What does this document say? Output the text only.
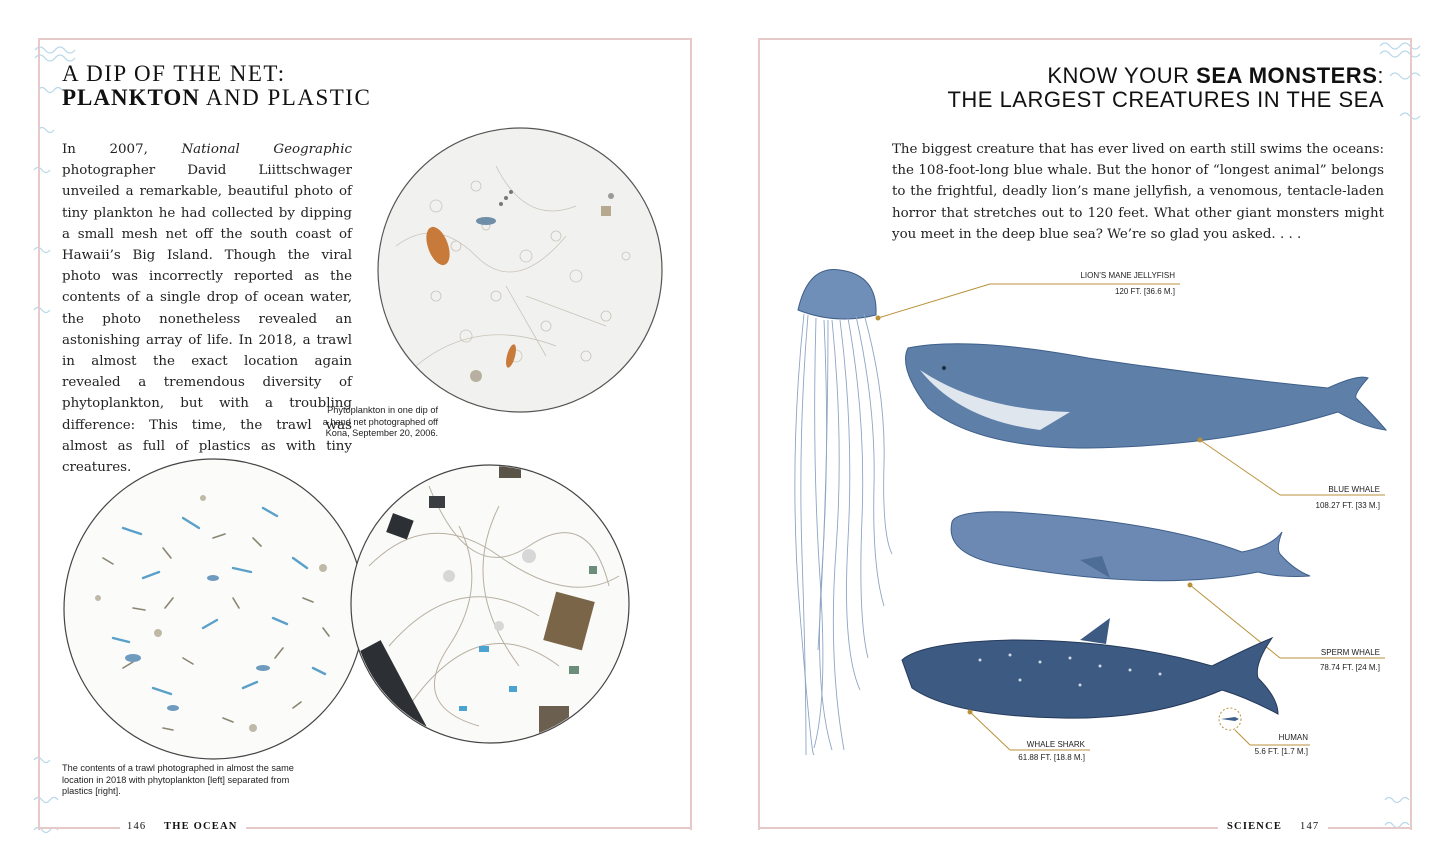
A DIP OF THE NET:
PLANKTON AND PLASTIC
In 2007, National Geographic photographer David Liittschwager unveiled a remarkable, beautiful photo of tiny plankton he had collected by dipping a small mesh net off the south coast of Hawaii’s Big Island. Though the viral photo was incorrectly reported as the contents of a single drop of ocean water, the photo nonetheless revealed an astonishing array of life. In 2018, a trawl in almost the exact location again revealed a tremendous diversity of phytoplankton, but with a troubling difference: This time, the trawl was almost as full of plastics as with tiny creatures.
Phytoplankton in one dip of a hand net photographed off Kona, September 20, 2006.
The contents of a trawl photographed in almost the same location in 2018 with phytoplankton [left] separated from plastics [right].
146 THE OCEAN
KNOW YOUR SEA MONSTERS:
THE LARGEST CREATURES IN THE SEA
The biggest creature that has ever lived on earth still swims the oceans: the 108-foot-long blue whale. But the honor of “longest animal” belongs to the frightful, deadly lion’s mane jellyfish, a venomous, tentacle-laden horror that stretches out to 120 feet. What other giant monsters might you meet in the deep blue sea? We’re so glad you asked. . . .
LION’S MANE JELLYFISH
120 FT. [36.6 M.]
BLUE WHALE
108.27 FT. [33 M.]
SPERM WHALE
78.74 FT. [24 M.]
WHALE SHARK
61.88 FT. [18.8 M.]
HUMAN
5.6 FT. [1.7 M.]
SCIENCE 147
